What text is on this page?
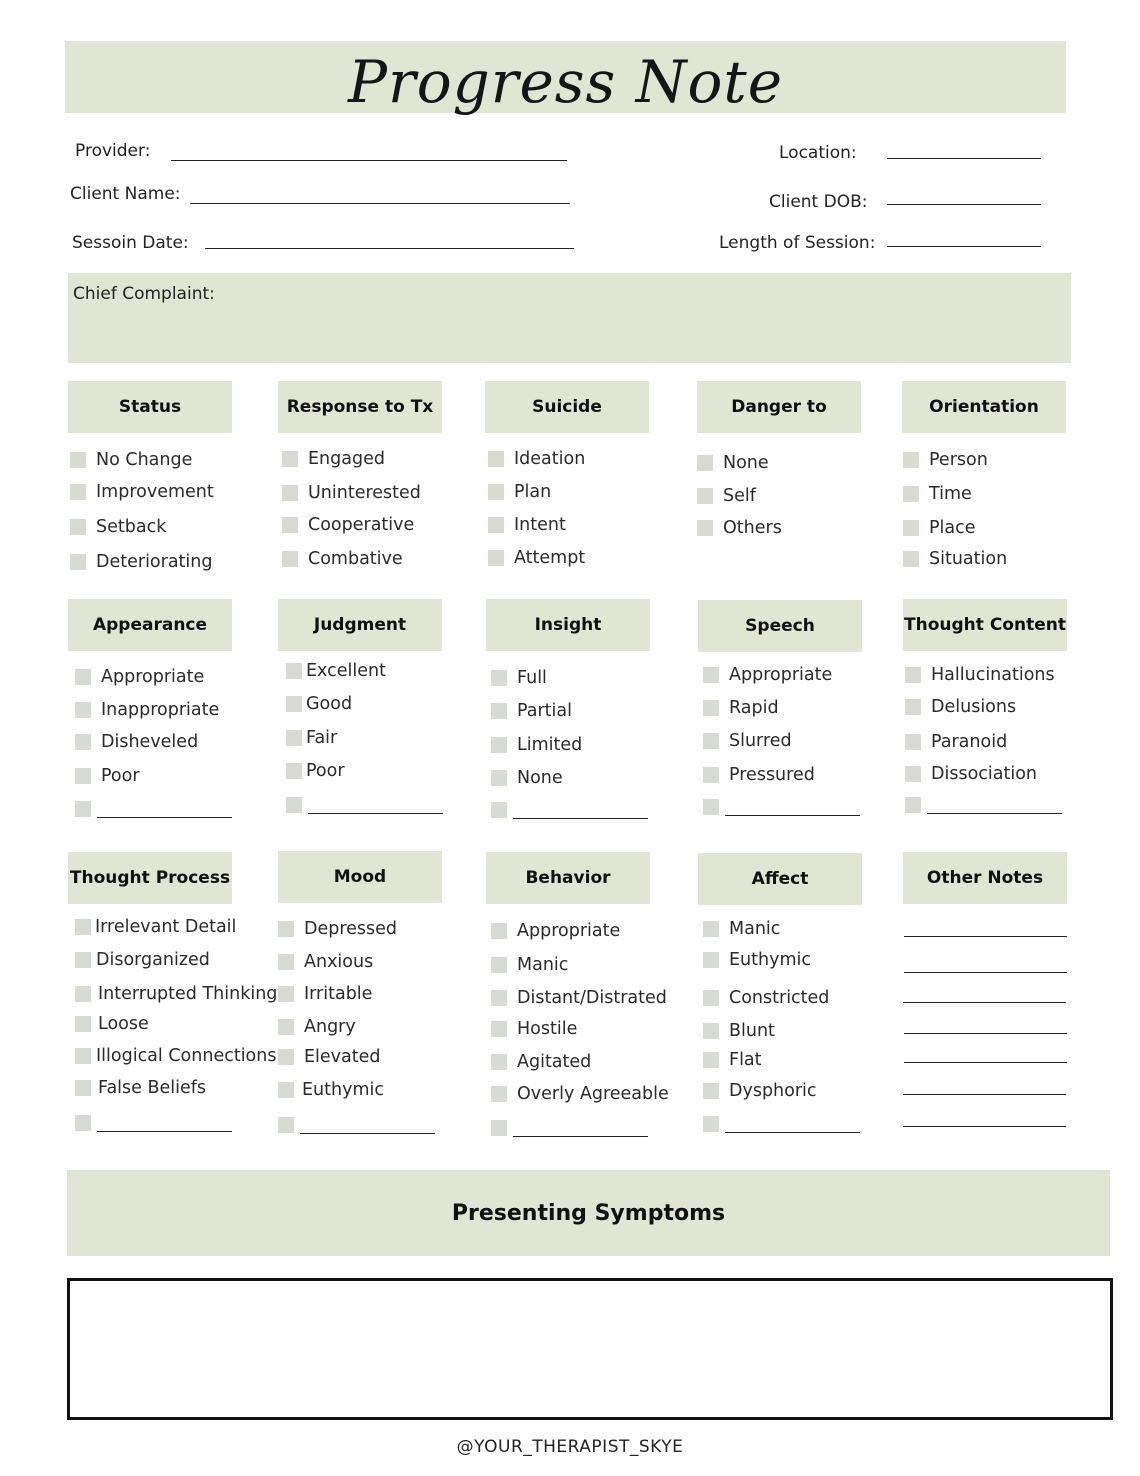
Progress Note
Provider:	Location:
Client Name:	Client DOB:
Sessoin Date:	Length of Session:
Chief Complaint:
Status
No Change
Improvement
Setback
Deteriorating
Response to Tx
Engaged
Uninterested
Cooperative
Combative
Suicide
Ideation
Plan
Intent
Attempt
Danger to
None
Self
Others
Orientation
Person
Time
Place
Situation
Appearance
Appropriate
Inappropriate
Disheveled
Poor
Judgment
Excellent
Good
Fair
Poor
Insight
Full
Partial
Limited
None
Speech
Appropriate
Rapid
Slurred
Pressured
Thought Content
Hallucinations
Delusions
Paranoid
Dissociation
Thought Process
Irrelevant Detail
Disorganized
Interrupted Thinking
Loose
Illogical Connections
False Beliefs
Mood
Depressed
Anxious
Irritable
Angry
Elevated
Euthymic
Behavior
Appropriate
Manic
Distant/Distrated
Hostile
Agitated
Overly Agreeable
Affect
Manic
Euthymic
Constricted
Blunt
Flat
Dysphoric
Other Notes
Presenting Symptoms
@YOUR_THERAPIST_SKYE
